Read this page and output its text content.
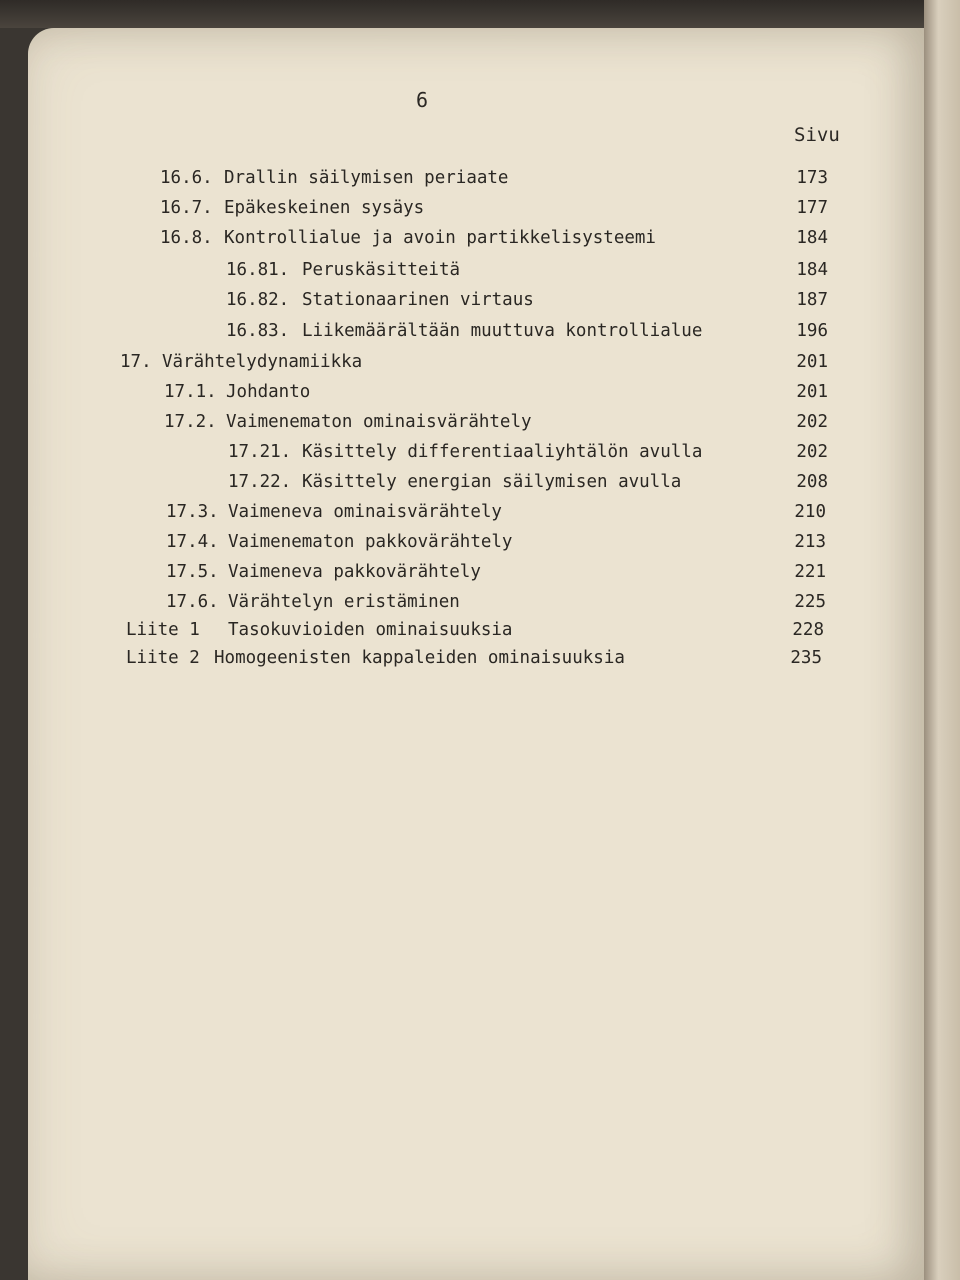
6
Sivu
16.6. Drallin säilymisen periaate	173
16.7. Epäkeskeinen sysäys	177
16.8. Kontrollialue ja avoin partikkelisysteemi	184
16.81. Peruskäsitteitä	184
16.82. Stationaarinen virtaus	187
16.83. Liikemäärältään muuttuva kontrollialue	196
17. Värähtelydynamiikka	201
17.1. Johdanto	201
17.2. Vaimenematon ominaisvärähtely	202
17.21. Käsittely differentiaaliyhtälön avulla	202
17.22. Käsittely energian säilymisen avulla	208
17.3. Vaimeneva ominaisvärähtely	210
17.4. Vaimenematon pakkovärähtely	213
17.5. Vaimeneva pakkovärähtely	221
17.6. Värähtelyn eristäminen	225
Liite 1 Tasokuvioiden ominaisuuksia	228
Liite 2 Homogeenisten kappaleiden ominaisuuksia	235
